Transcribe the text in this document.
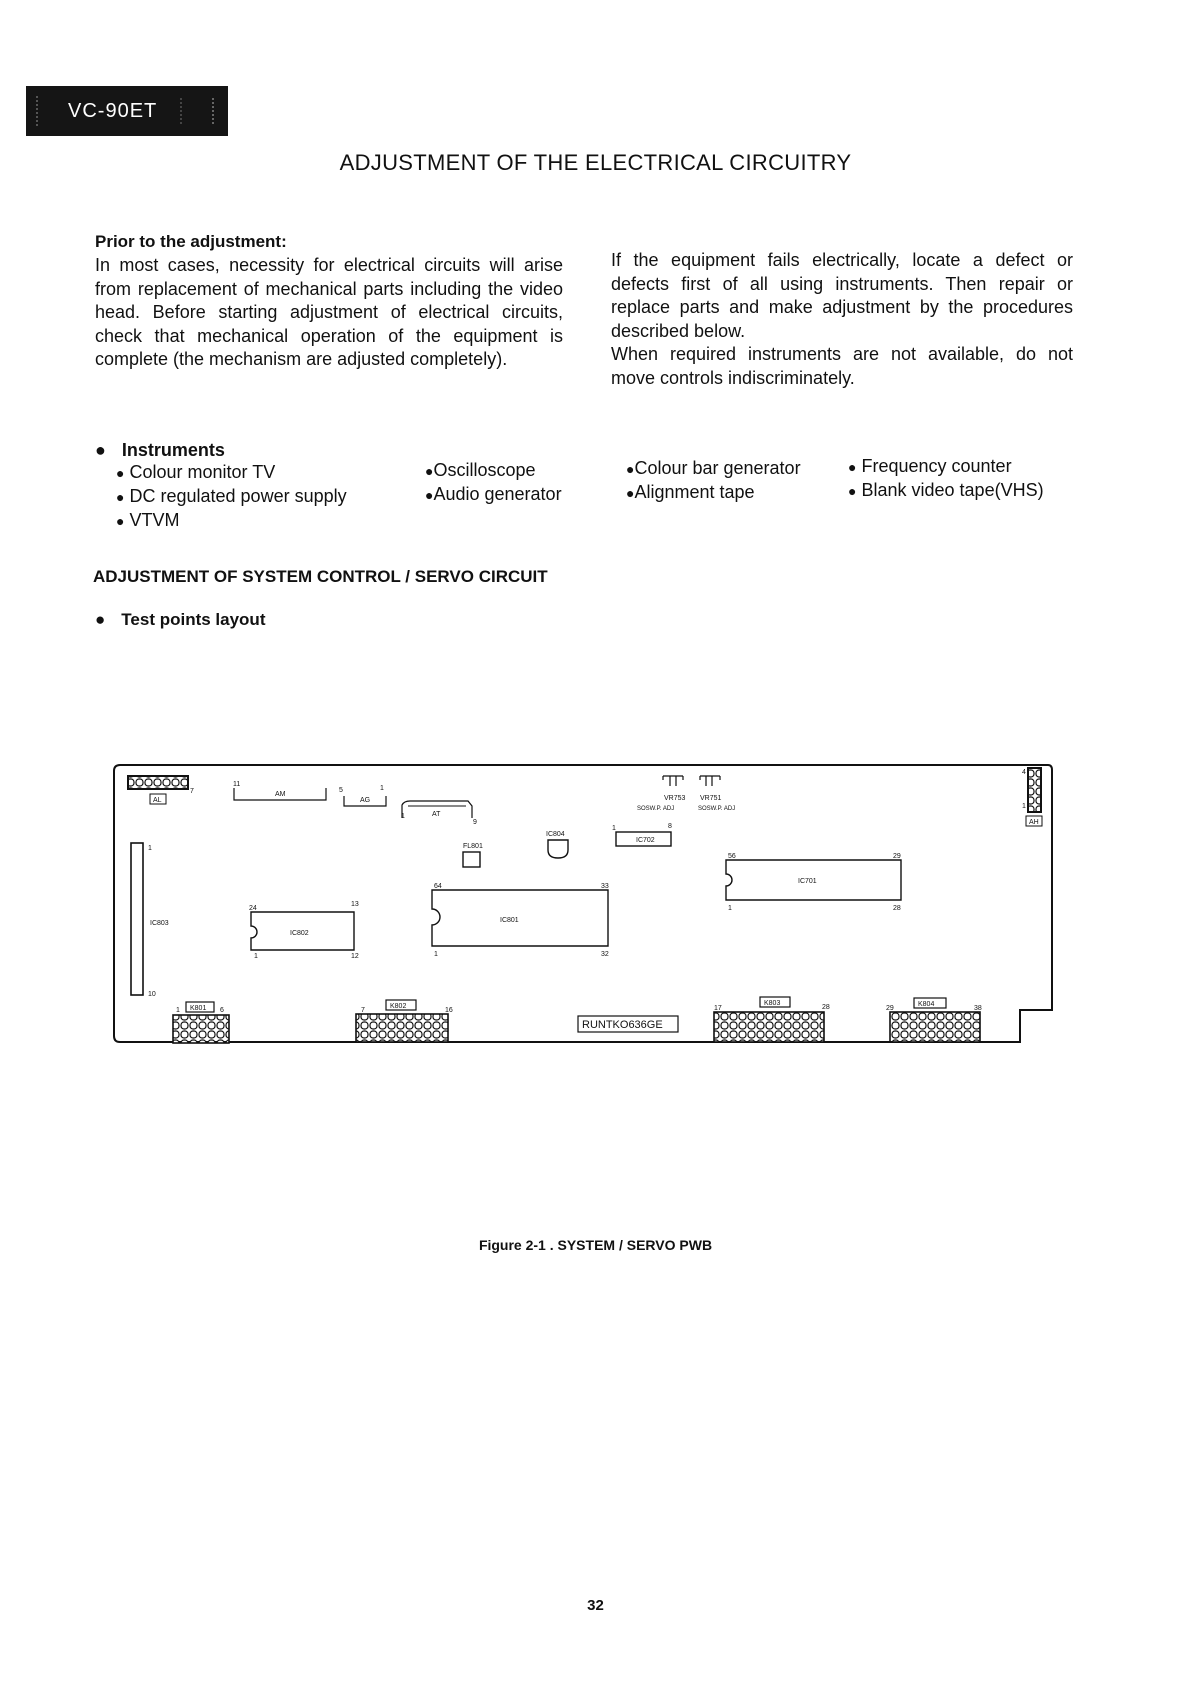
VC-90ET
ADJUSTMENT OF THE ELECTRICAL CIRCUITRY
Prior to the adjustment:

In most cases, necessity for electrical circuits will arise from replacement of mechanical parts including the video head. Before starting adjustment of electrical circuits, check that mechanical operation of the equipment is complete (the mechanism are adjusted completely).

If the equipment fails electrically, locate a defect or defects first of all using instruments. Then repair or replace parts and make adjustment by the procedures described below.

When required instruments are not available, do not move controls indiscriminately.

● Instruments
● Colour monitor TV
● DC regulated power supply
● VTVM
●Oscilloscope
●Audio generator
●Colour bar generator
●Alignment tape
● Frequency counter
● Blank video tape(VHS)
ADJUSTMENT OF SYSTEM CONTROL / SERVO CIRCUIT
● Test points layout
7
AL
11
AM
5	1
AG
1
9
AT
VR753
SOSW.P. ADJ
VR751
SOSW.P. ADJ
4
1
AH
1	8
IC702
IC804
FL801
56	29
IC701
1	28
64	33
IC801
1	32
24
13
IC802
1	12
1
IC803
10
1 K801 6	7
K802
16
RUNTKO636GE
17
K803
28	29
K804
38
Figure 2-1 . SYSTEM / SERVO PWB
32
